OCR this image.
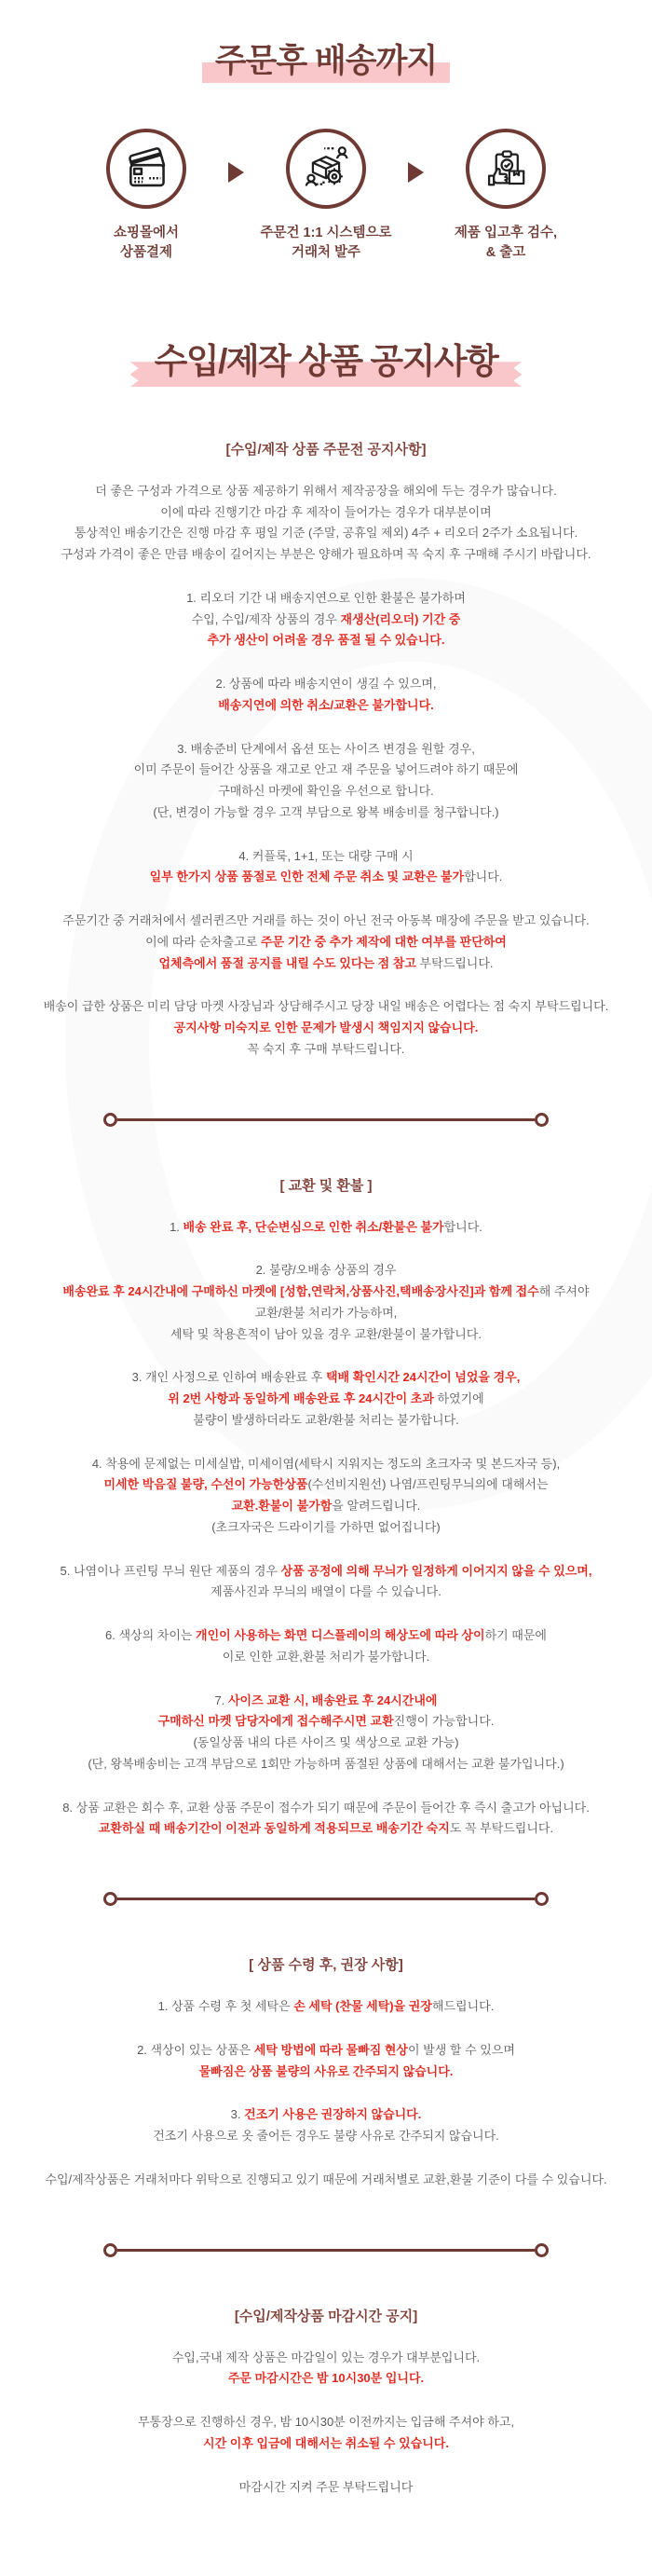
주문후 배송까지
쇼핑몰에서
상품결제
주문건 1:1 시스템으로
거래처 발주
제품 입고후 검수,
& 출고
수입/제작 상품 공지사항
[수입/제작 상품 주문전 공지사항]

더 좋은 구성과 가격으로 상품 제공하기 위해서 제작공장을 해외에 두는 경우가 많습니다.
이에 따라 진행기간 마감 후 제작이 들어가는 경우가 대부분이며
통상적인 배송기간은 진행 마감 후 평일 기준 (주말, 공휴일 제외) 4주 + 리오더 2주가 소요됩니다.
구성과 가격이 좋은 만큼 배송이 길어지는 부분은 양해가 필요하며 꼭 숙지 후 구매해 주시기 바랍니다.

1. 리오더 기간 내 배송지연으로 인한 환불은 불가하며
수입, 수입/제작 상품의 경우 재생산(리오더) 기간 중
추가 생산이 어려울 경우 품절 될 수 있습니다.

2. 상품에 따라 배송지연이 생길 수 있으며,
배송지연에 의한 취소/교환은 불가합니다.

3. 배송준비 단계에서 옵션 또는 사이즈 변경을 원할 경우,
이미 주문이 들어간 상품을 재고로 안고 재 주문을 넣어드려야 하기 때문에
구매하신 마켓에 확인을 우선으로 합니다.
(단, 변경이 가능할 경우 고객 부담으로 왕복 배송비를 청구합니다.)

4. 커플룩, 1+1, 또는 대량 구매 시
일부 한가지 상품 품절로 인한 전체 주문 취소 및 교환은 불가합니다.

주문기간 중 거래처에서 셀러퀸즈만 거래를 하는 것이 아닌 전국 아동복 매장에 주문을 받고 있습니다.
이에 따라 순차출고로 주문 기간 중 추가 제작에 대한 여부를 판단하여
업체측에서 품절 공지를 내릴 수도 있다는 점 참고 부탁드립니다.

배송이 급한 상품은 미리 담당 마켓 사장님과 상담해주시고 당장 내일 배송은 어렵다는 점 숙지 부탁드립니다.
공지사항 미숙지로 인한 문제가 발생시 책임지지 않습니다.
꼭 숙지 후 구매 부탁드립니다.

[ 교환 및 환불 ]

1. 배송 완료 후, 단순변심으로 인한 취소/환불은 불가합니다.

2. 불량/오배송 상품의 경우
배송완료 후 24시간내에 구매하신 마켓에 [성함,연락처,상품사진,택배송장사진]과 함께 접수해 주셔야
교환/환불 처리가 가능하며,
세탁 및 착용흔적이 남아 있을 경우 교환/환불이 불가합니다.

3. 개인 사정으로 인하여 배송완료 후 택배 확인시간 24시간이 넘었을 경우,
위 2번 사항과 동일하게 배송완료 후 24시간이 초과 하였기에
불량이 발생하더라도 교환/환불 처리는 불가합니다.

4. 착용에 문제없는 미세실밥, 미세이염(세탁시 지워지는 정도의 초크자국 및 본드자국 등),
미세한 박음질 불량, 수선이 가능한상품(수선비지원선) 나염/프린팅무늬의에 대해서는
교환.환불이 불가함을 알려드립니다.
(초크자국은 드라이기를 가하면 없어집니다)

5. 나염이나 프린팅 무늬 원단 제품의 경우 상품 공정에 의해 무늬가 일정하게 이어지지 않을 수 있으며,
제품사진과 무늬의 배열이 다를 수 있습니다.

6. 색상의 차이는 개인이 사용하는 화면 디스플레이의 해상도에 따라 상이하기 때문에
이로 인한 교환,환불 처리가 불가합니다.

7. 사이즈 교환 시, 배송완료 후 24시간내에
구매하신 마켓 담당자에게 접수해주시면 교환진행이 가능합니다.
(동일상품 내의 다른 사이즈 및 색상으로 교환 가능)
(단, 왕복배송비는 고객 부담으로 1회만 가능하며 품절된 상품에 대해서는 교환 불가입니다.)

8. 상품 교환은 회수 후, 교환 상품 주문이 접수가 되기 때문에 주문이 들어간 후 즉시 출고가 아닙니다.
교환하실 때 배송기간이 이전과 동일하게 적용되므로 배송기간 숙지도 꼭 부탁드립니다.

[ 상품 수령 후, 권장 사항]

1. 상품 수령 후 첫 세탁은 손 세탁 (찬물 세탁)을 권장해드립니다.

2. 색상이 있는 상품은 세탁 방법에 따라 물빠짐 현상이 발생 할 수 있으며
물빠짐은 상품 불량의 사유로 간주되지 않습니다.

3. 건조기 사용은 권장하지 않습니다.
건조기 사용으로 옷 줄어든 경우도 불량 사유로 간주되지 않습니다.

수입/제작상품은 거래처마다 위탁으로 진행되고 있기 때문에 거래처별로 교환,환불 기준이 다를 수 있습니다.

[수입/제작상품 마감시간 공지]

수입,국내 제작 상품은 마감일이 있는 경우가 대부분입니다.
주문 마감시간은 밤 10시30분 입니다.

무통장으로 진행하신 경우, 밤 10시30분 이전까지는 입금해 주셔야 하고,
시간 이후 입금에 대해서는 취소될 수 있습니다.

마감시간 지켜 주문 부탁드립니다
